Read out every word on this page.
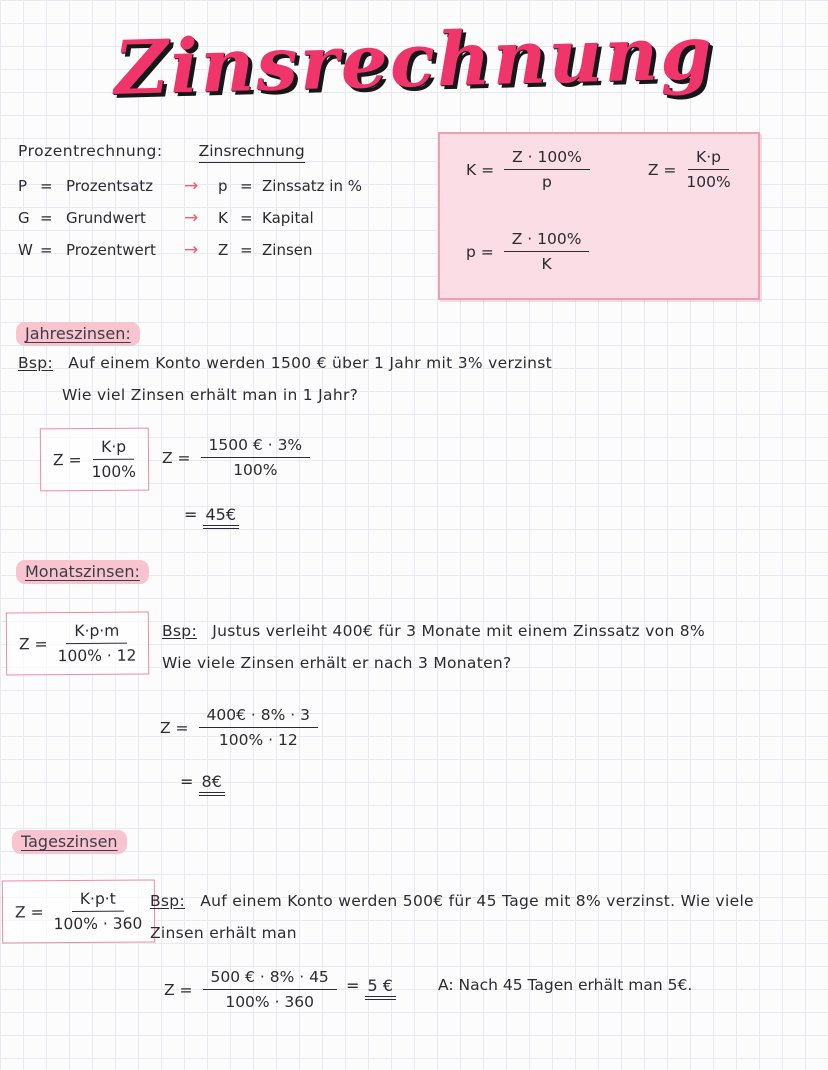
Zinsrechnung
Prozentrechnung: Zinsrechnung
P = Prozentsatz	→	p = Zinssatz in %
G = Grundwert	→	K = Kapital
W = Prozentwert	→	Z = Zinsen
$K = \frac{Z \cdot 100\%}{p}$	$Z = \frac{K\cdot p}{100\%}$
$p = \frac{Z \cdot 100\%}{K}$
Jahreszinsen:
Bsp: Auf einem Konto werden 1500 € über 1 Jahr mit 3% verzinst
Wie viel Zinsen erhält man in 1 Jahr?
$Z = \frac{K\cdot p}{100\%}$ $Z = \frac{1500 € \cdot 3\%}{100\%}$
= 45€
Monatszinsen:
$Z = \frac{K\cdot p\cdot m}{100\% \cdot 12}$ Bsp: Justus verleiht 400€ für 3 Monate mit einem Zinssatz von 8%
Wie viele Zinsen erhält er nach 3 Monaten?
$Z = \frac{400€ \cdot 8\% \cdot 3}{100\% \cdot 12}$
= 8€
Tageszinsen
$Z = \frac{K\cdot p\cdot t}{100\% \cdot 360}$ Bsp: Auf einem Konto werden 500€ für 45 Tage mit 8% verzinst. Wie viele
Zinsen erhält man
$Z = \frac{500 € \cdot 8\% \cdot 45}{100\% \cdot 360} = 5$ €	A: Nach 45 Tagen erhält man 5€.
